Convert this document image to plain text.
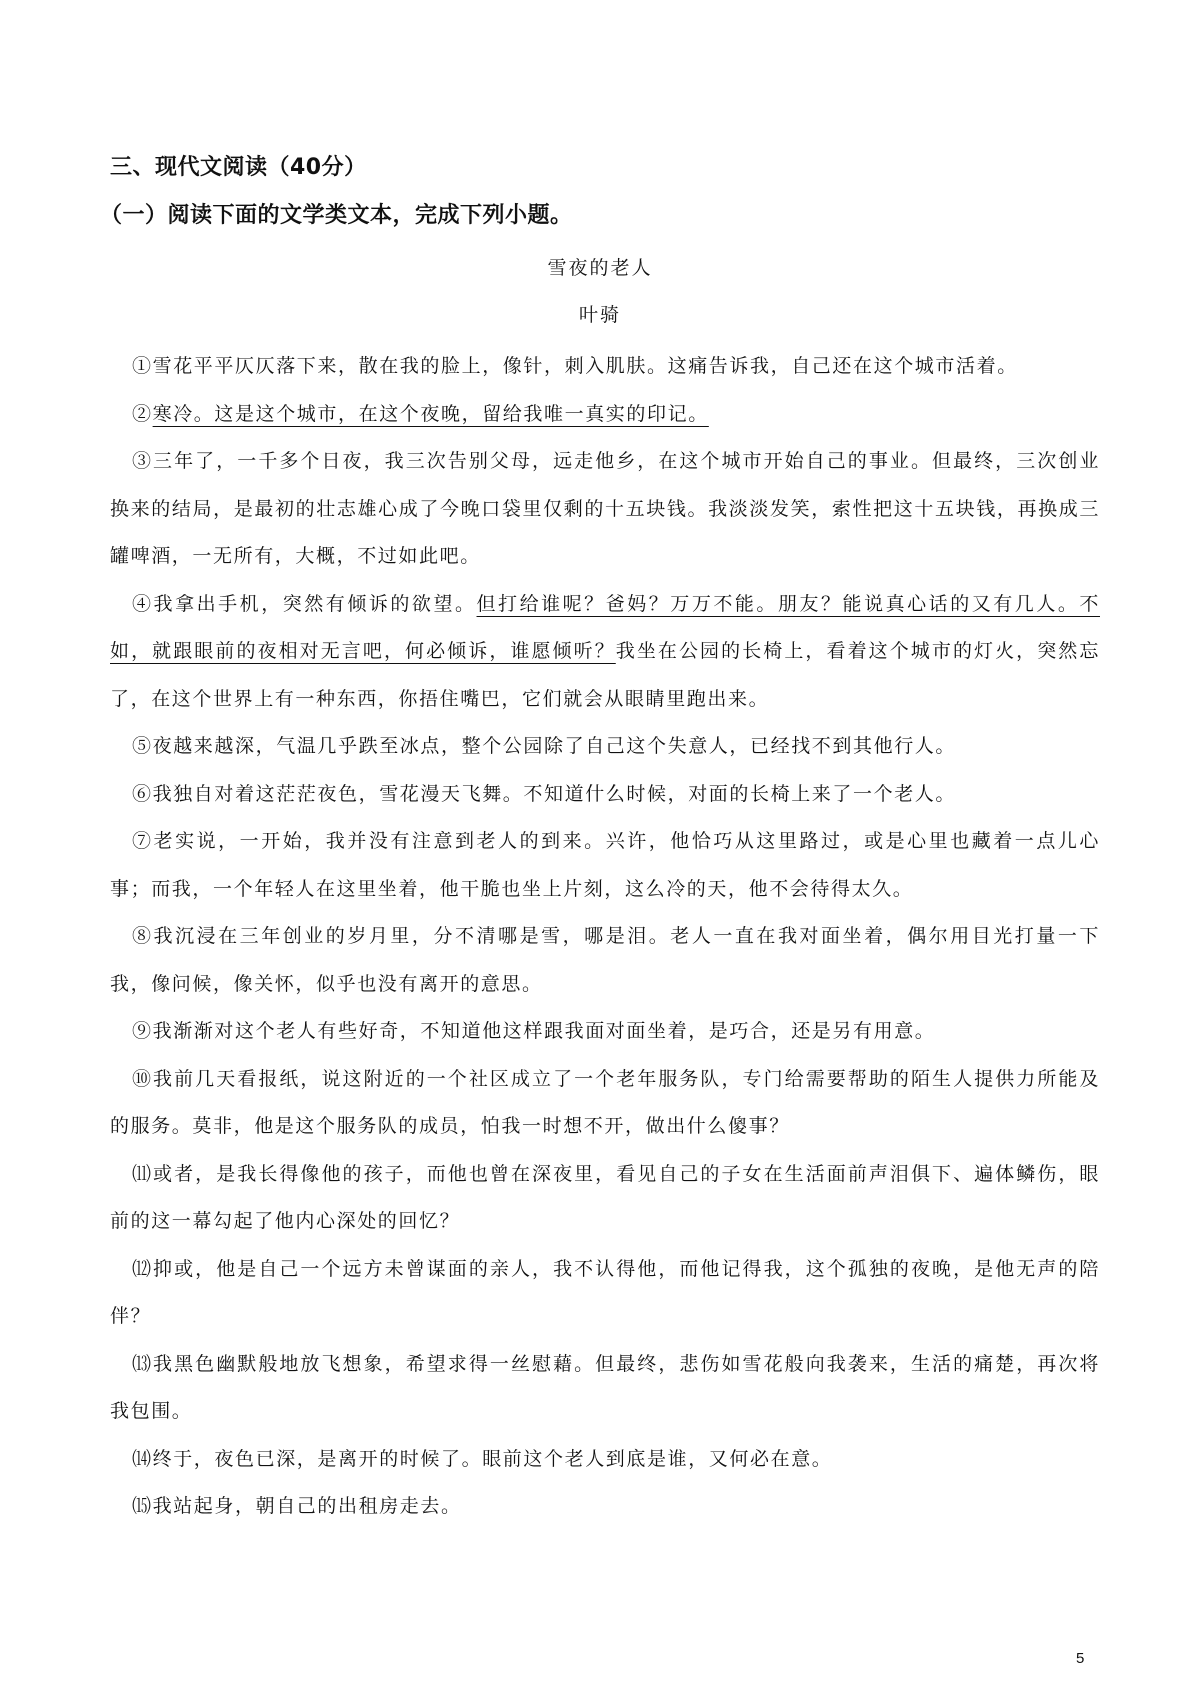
三、现代文阅读（40分）
（一）阅读下面的文学类文本，完成下列小题。
雪夜的老人
叶骑

①雪花平平仄仄落下来，散在我的脸上，像针，刺入肌肤。这痛告诉我，自己还在这个城市活着。

②寒冷。这是这个城市，在这个夜晚，留给我唯一真实的印记。

③三年了，一千多个日夜，我三次告别父母，远走他乡，在这个城市开始自己的事业。但最终，三次创业换来的结局，是最初的壮志雄心成了今晚口袋里仅剩的十五块钱。我淡淡发笑，索性把这十五块钱，再换成三罐啤酒，一无所有，大概，不过如此吧。

④我拿出手机，突然有倾诉的欲望。但打给谁呢？爸妈？万万不能。朋友？能说真心话的又有几人。不如，就跟眼前的夜相对无言吧，何必倾诉，谁愿倾听？我坐在公园的长椅上，看着这个城市的灯火，突然忘了，在这个世界上有一种东西，你捂住嘴巴，它们就会从眼睛里跑出来。

⑤夜越来越深，气温几乎跌至冰点，整个公园除了自己这个失意人，已经找不到其他行人。

⑥我独自对着这茫茫夜色，雪花漫天飞舞。不知道什么时候，对面的长椅上来了一个老人。

⑦老实说，一开始，我并没有注意到老人的到来。兴许，他恰巧从这里路过，或是心里也藏着一点儿心事；而我，一个年轻人在这里坐着，他干脆也坐上片刻，这么冷的天，他不会待得太久。

⑧我沉浸在三年创业的岁月里，分不清哪是雪，哪是泪。老人一直在我对面坐着，偶尔用目光打量一下我，像问候，像关怀，似乎也没有离开的意思。

⑨我渐渐对这个老人有些好奇，不知道他这样跟我面对面坐着，是巧合，还是另有用意。

⑩我前几天看报纸，说这附近的一个社区成立了一个老年服务队，专门给需要帮助的陌生人提供力所能及的服务。莫非，他是这个服务队的成员，怕我一时想不开，做出什么傻事？

⑾或者，是我长得像他的孩子，而他也曾在深夜里，看见自己的子女在生活面前声泪俱下、遍体鳞伤，眼前的这一幕勾起了他内心深处的回忆？

⑿抑或，他是自己一个远方未曾谋面的亲人，我不认得他，而他记得我，这个孤独的夜晚，是他无声的陪伴？

⒀我黑色幽默般地放飞想象，希望求得一丝慰藉。但最终，悲伤如雪花般向我袭来，生活的痛楚，再次将我包围。

⒁终于，夜色已深，是离开的时候了。眼前这个老人到底是谁，又何必在意。

⒂我站起身，朝自己的出租房走去。

5
